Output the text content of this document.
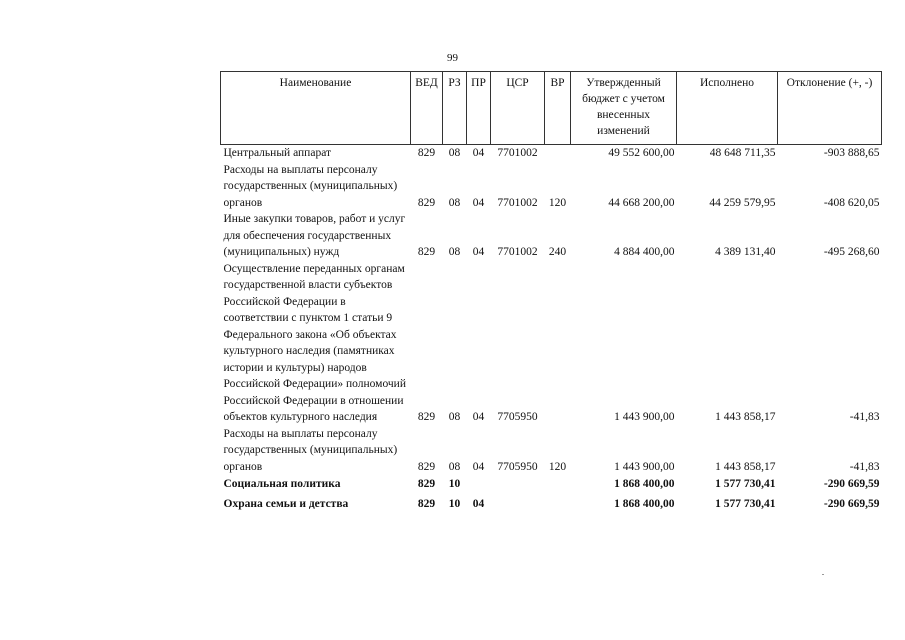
99
Наименование	ВЕД	РЗ	ПР	ЦСР	ВР	Утвержденный бюджет с учетом внесенных изменений	Исполнено	Отклонение (+, -)
Центральный аппарат	829	08	04	7701002		49 552 600,00	48 648 711,35	-903 888,65
Расходы на выплаты персоналу государственных (муниципальных) органов	829	08	04	7701002	120	44 668 200,00	44 259 579,95	-408 620,05
Иные закупки товаров, работ и услуг для обеспечения государственных (муниципальных) нужд	829	08	04	7701002	240	4 884 400,00	4 389 131,40	-495 268,60
Осуществление переданных органам государственной власти субъектов Российской Федерации в соответствии с пунктом 1 статьи 9 Федерального закона «Об объектах культурного наследия (памятниках истории и культуры) народов Российской Федерации» полномочий Российской Федерации в отношении объектов культурного наследия	829	08	04	7705950		1 443 900,00	1 443 858,17	-41,83
Расходы на выплаты персоналу государственных (муниципальных) органов	829	08	04	7705950	120	1 443 900,00	1 443 858,17	-41,83
Социальная политика	829	10				1 868 400,00	1 577 730,41	-290 669,59
Охрана семьи и детства	829	10	04			1 868 400,00	1 577 730,41	-290 669,59
